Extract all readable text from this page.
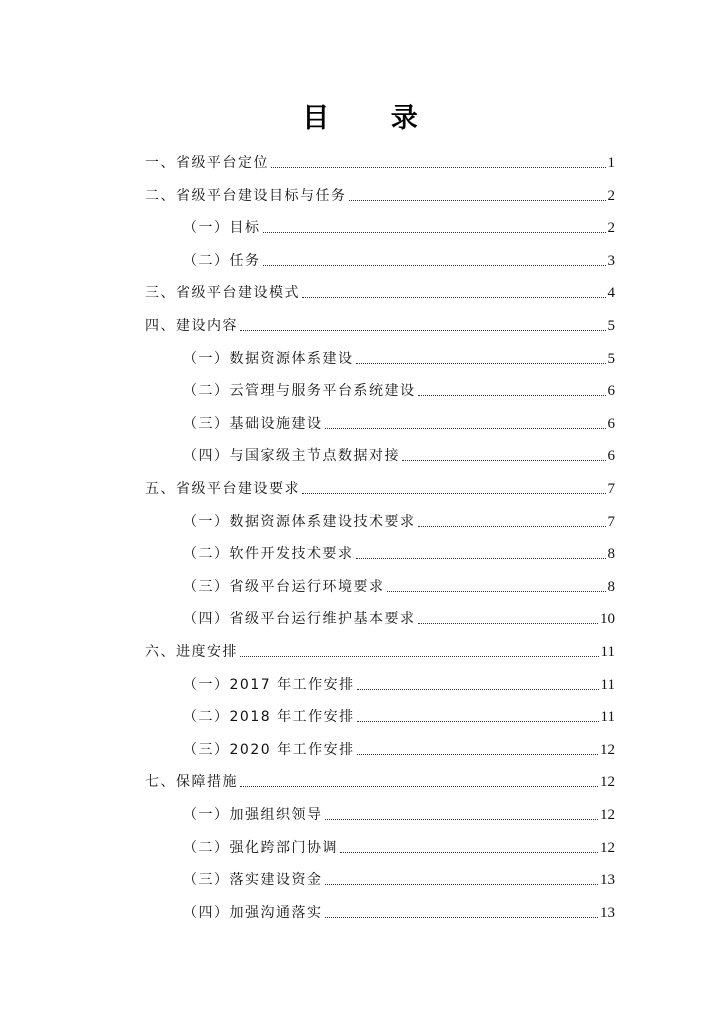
目 录
一、省级平台定位	1
二、省级平台建设目标与任务	2
（一）目标	2
（二）任务	3
三、省级平台建设模式	4
四、建设内容	5
（一）数据资源体系建设	5
（二）云管理与服务平台系统建设	6
（三）基础设施建设	6
（四）与国家级主节点数据对接	6
五、省级平台建设要求	7
（一）数据资源体系建设技术要求	7
（二）软件开发技术要求	8
（三）省级平台运行环境要求	8
（四）省级平台运行维护基本要求	10
六、进度安排	11
（一）2017 年工作安排	11
（二）2018 年工作安排	11
（三）2020 年工作安排	12
七、保障措施	12
（一）加强组织领导	12
（二）强化跨部门协调	12
（三）落实建设资金	13
（四）加强沟通落实	13
